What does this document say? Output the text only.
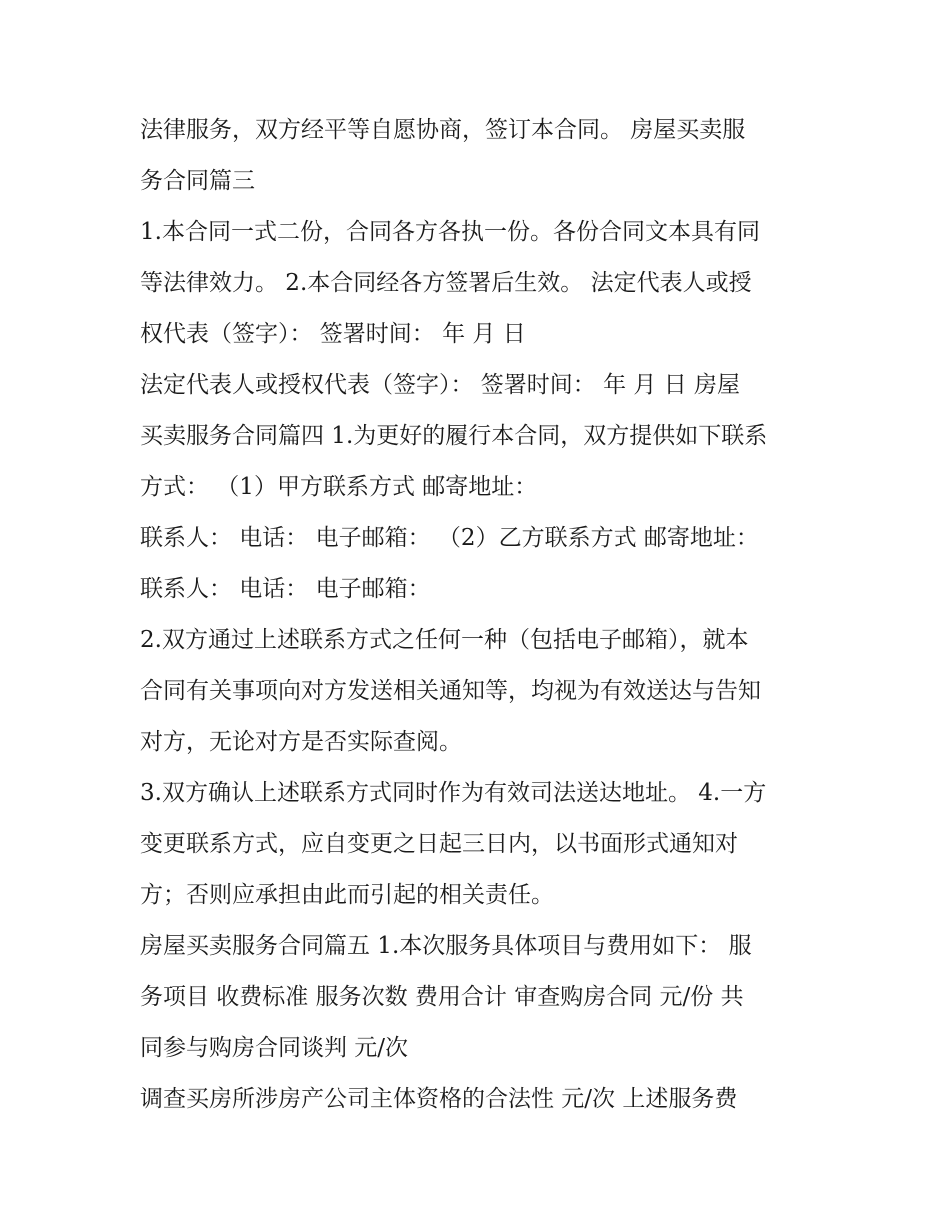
法律服务，双方经平等自愿协商，签订本合同。 房屋买卖服
务合同篇三
1.本合同一式二份，合同各方各执一份。各份合同文本具有同
等法律效力。 2.本合同经各方签署后生效。 法定代表人或授
权代表（签字）： 签署时间： 年 月 日
法定代表人或授权代表（签字）： 签署时间： 年 月 日 房屋
买卖服务合同篇四 1.为更好的履行本合同，双方提供如下联系
方式： （1）甲方联系方式 邮寄地址：
联系人： 电话： 电子邮箱： （2）乙方联系方式 邮寄地址：
联系人： 电话： 电子邮箱：
2.双方通过上述联系方式之任何一种（包括电子邮箱），就本
合同有关事项向对方发送相关通知等，均视为有效送达与告知
对方，无论对方是否实际查阅。
3.双方确认上述联系方式同时作为有效司法送达地址。 4.一方
变更联系方式，应自变更之日起三日内，以书面形式通知对
方；否则应承担由此而引起的相关责任。
房屋买卖服务合同篇五 1.本次服务具体项目与费用如下： 服
务项目 收费标准 服务次数 费用合计 审查购房合同 元/份 共
同参与购房合同谈判 元/次
调查买房所涉房产公司主体资格的合法性 元/次 上述服务费
